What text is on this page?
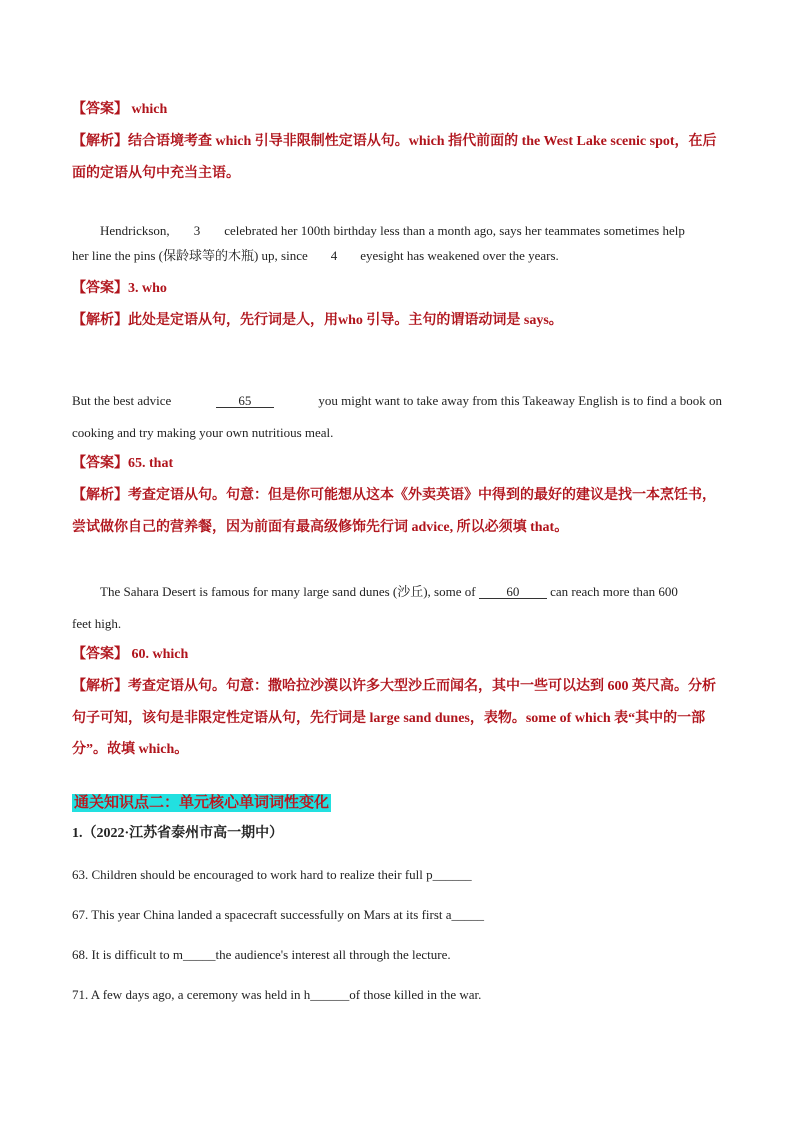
【答案】 which
【解析】结合语境考查 which 引导非限制性定语从句。which 指代前面的 the West Lake scenic spot，在后
面的定语从句中充当主语。
Hendrickson, 3 celebrated her 100th birthday less than a month ago, says her teammates sometimes help
her line the pins (保龄球等的木瓶) up, since 4 eyesight has weakened over the years.
【答案】3. who
【解析】此处是定语从句，先行词是人，用who 引导。主句的谓语动词是 says。
But the best advice	65	you might want to take away from this Takeaway English is to find a book on
cooking and try making your own nutritious meal.
【答案】65. that
【解析】考查定语从句。句意：但是你可能想从这本《外卖英语》中得到的最好的建议是找一本烹饪书，
尝试做你自己的营养餐，因为前面有最高级修饰先行词 advice, 所以必须填 that。
The Sahara Desert is famous for many large sand dunes (沙丘), some of 60 can reach more than 600
feet high.
【答案】 60. which
【解析】考查定语从句。句意：撒哈拉沙漠以许多大型沙丘而闻名，其中一些可以达到 600 英尺高。分析
句子可知，该句是非限定性定语从句，先行词是 large sand dunes，表物。some of which 表“其中的一部
分”。故填 which。
通关知识点二：单元核心单词词性变化
1.（2022·江苏省泰州市高一期中）
63. Children should be encouraged to work hard to realize their full p______
67. This year China landed a spacecraft successfully on Mars at its first a_____
68. It is difficult to m_____the audience's interest all through the lecture.
71. A few days ago, a ceremony was held in h______of those killed in the war.
